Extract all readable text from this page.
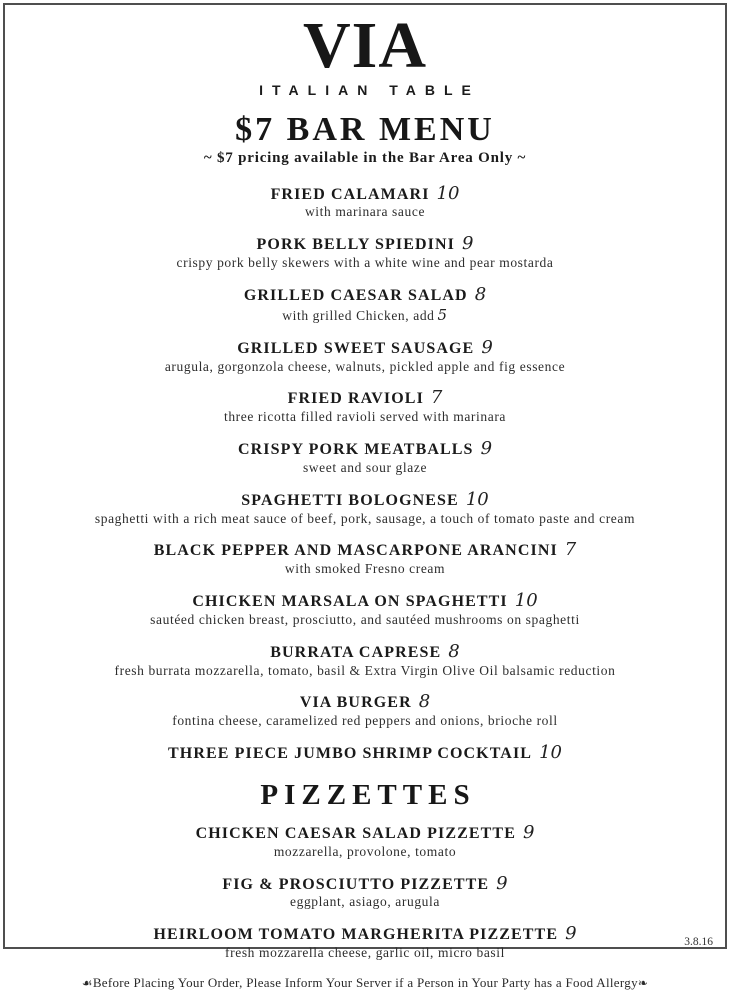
VIA
ITALIAN TABLE
$7 BAR MENU
~ $7 pricing available in the Bar Area Only ~
FRIED CALAMARI 10
with marinara sauce
PORK BELLY SPIEDINI 9
crispy pork belly skewers with a white wine and pear mostarda
GRILLED CAESAR SALAD 8
with grilled Chicken, add 5
GRILLED SWEET SAUSAGE 9
arugula, gorgonzola cheese, walnuts, pickled apple and fig essence
FRIED RAVIOLI 7
three ricotta filled ravioli served with marinara
CRISPY PORK MEATBALLS 9
sweet and sour glaze
SPAGHETTI BOLOGNESE 10
spaghetti with a rich meat sauce of beef, pork, sausage, a touch of tomato paste and cream
BLACK PEPPER AND MASCARPONE ARANCINI 7
with smoked Fresno cream
CHICKEN MARSALA ON SPAGHETTI 10
sautéed chicken breast, prosciutto, and sautéed mushrooms on spaghetti
BURRATA CAPRESE 8
fresh burrata mozzarella, tomato, basil & Extra Virgin Olive Oil balsamic reduction
VIA BURGER 8
fontina cheese, caramelized red peppers and onions, brioche roll
THREE PIECE JUMBO SHRIMP COCKTAIL 10
PIZZETTES
CHICKEN CAESAR SALAD PIZZETTE 9
mozzarella, provolone, tomato
FIG & PROSCIUTTO PIZZETTE 9
eggplant, asiago, arugula
HEIRLOOM TOMATO MARGHERITA PIZZETTE 9
fresh mozzarella cheese, garlic oil, micro basil
☙Before Placing Your Order, Please Inform Your Server if a Person in Your Party has a Food Allergy❧
3.8.16
